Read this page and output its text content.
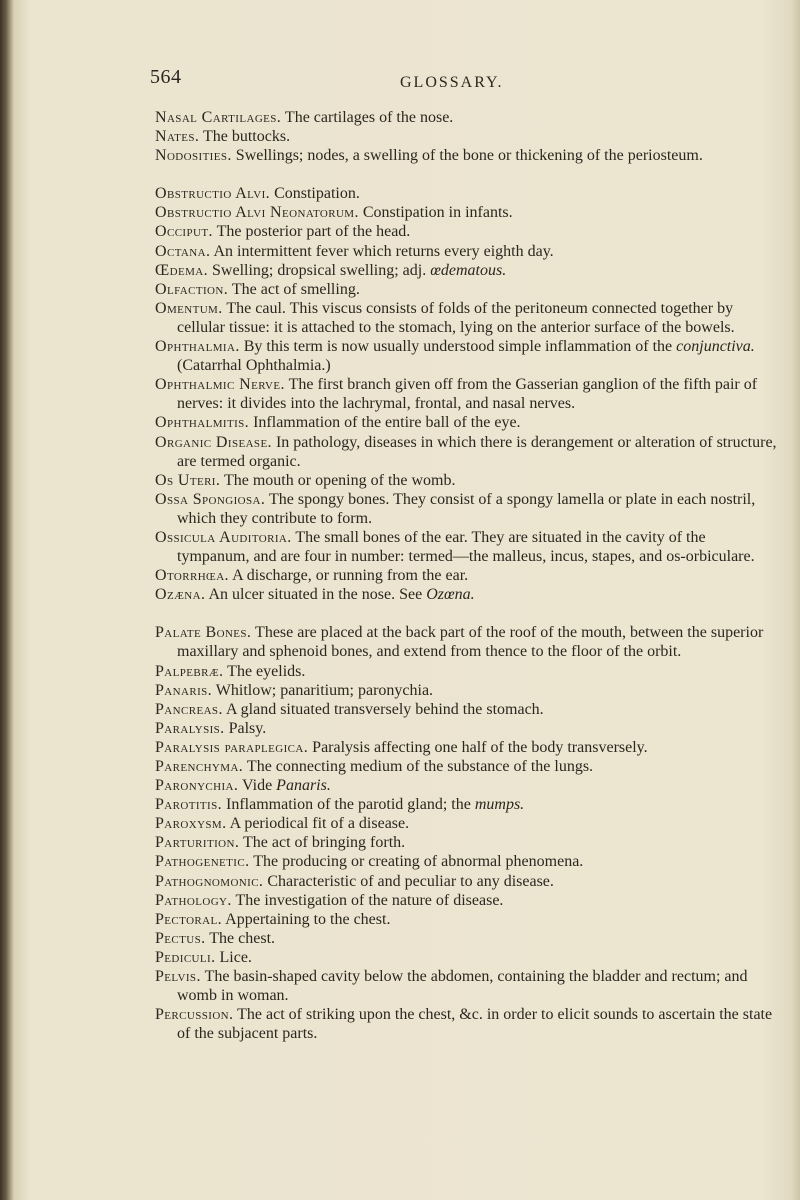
564	GLOSSARY.
Nasal Cartilages. The cartilages of the nose.
Nates. The buttocks.
Nodosities. Swellings; nodes, a swelling of the bone or thickening of the periosteum.
Obstructio Alvi. Constipation.
Obstructio Alvi Neonatorum. Constipation in infants.
Occiput. The posterior part of the head.
Octana. An intermittent fever which returns every eighth day.
Œdema. Swelling; dropsical swelling; adj. œdematous.
Olfaction. The act of smelling.
Omentum. The caul. This viscus consists of folds of the peritoneum connected together by cellular tissue: it is attached to the stomach, lying on the anterior surface of the bowels.
Ophthalmia. By this term is now usually understood simple inflammation of the conjunctiva. (Catarrhal Ophthalmia.)
Ophthalmic Nerve. The first branch given off from the Gasserian ganglion of the fifth pair of nerves: it divides into the lachrymal, frontal, and nasal nerves.
Ophthalmitis. Inflammation of the entire ball of the eye.
Organic Disease. In pathology, diseases in which there is derangement or alteration of structure, are termed organic.
Os Uteri. The mouth or opening of the womb.
Ossa Spongiosa. The spongy bones. They consist of a spongy lamella or plate in each nostril, which they contribute to form.
Ossicula Auditoria. The small bones of the ear. They are situated in the cavity of the tympanum, and are four in number: termed—the malleus, incus, stapes, and os-orbiculare.
Otorrhœa. A discharge, or running from the ear.
Ozæna. An ulcer situated in the nose. See Ozœna.
Palate Bones. These are placed at the back part of the roof of the mouth, between the superior maxillary and sphenoid bones, and extend from thence to the floor of the orbit.
Palpebræ. The eyelids.
Panaris. Whitlow; panaritium; paronychia.
Pancreas. A gland situated transversely behind the stomach.
Paralysis. Palsy.
Paralysis paraplegica. Paralysis affecting one half of the body transversely.
Parenchyma. The connecting medium of the substance of the lungs.
Paronychia. Vide Panaris.
Parotitis. Inflammation of the parotid gland; the mumps.
Paroxysm. A periodical fit of a disease.
Parturition. The act of bringing forth.
Pathogenetic. The producing or creating of abnormal phenomena.
Pathognomonic. Characteristic of and peculiar to any disease.
Pathology. The investigation of the nature of disease.
Pectoral. Appertaining to the chest.
Pectus. The chest.
Pediculi. Lice.
Pelvis. The basin-shaped cavity below the abdomen, containing the bladder and rectum; and womb in woman.
Percussion. The act of striking upon the chest, &c. in order to elicit sounds to ascertain the state of the subjacent parts.
